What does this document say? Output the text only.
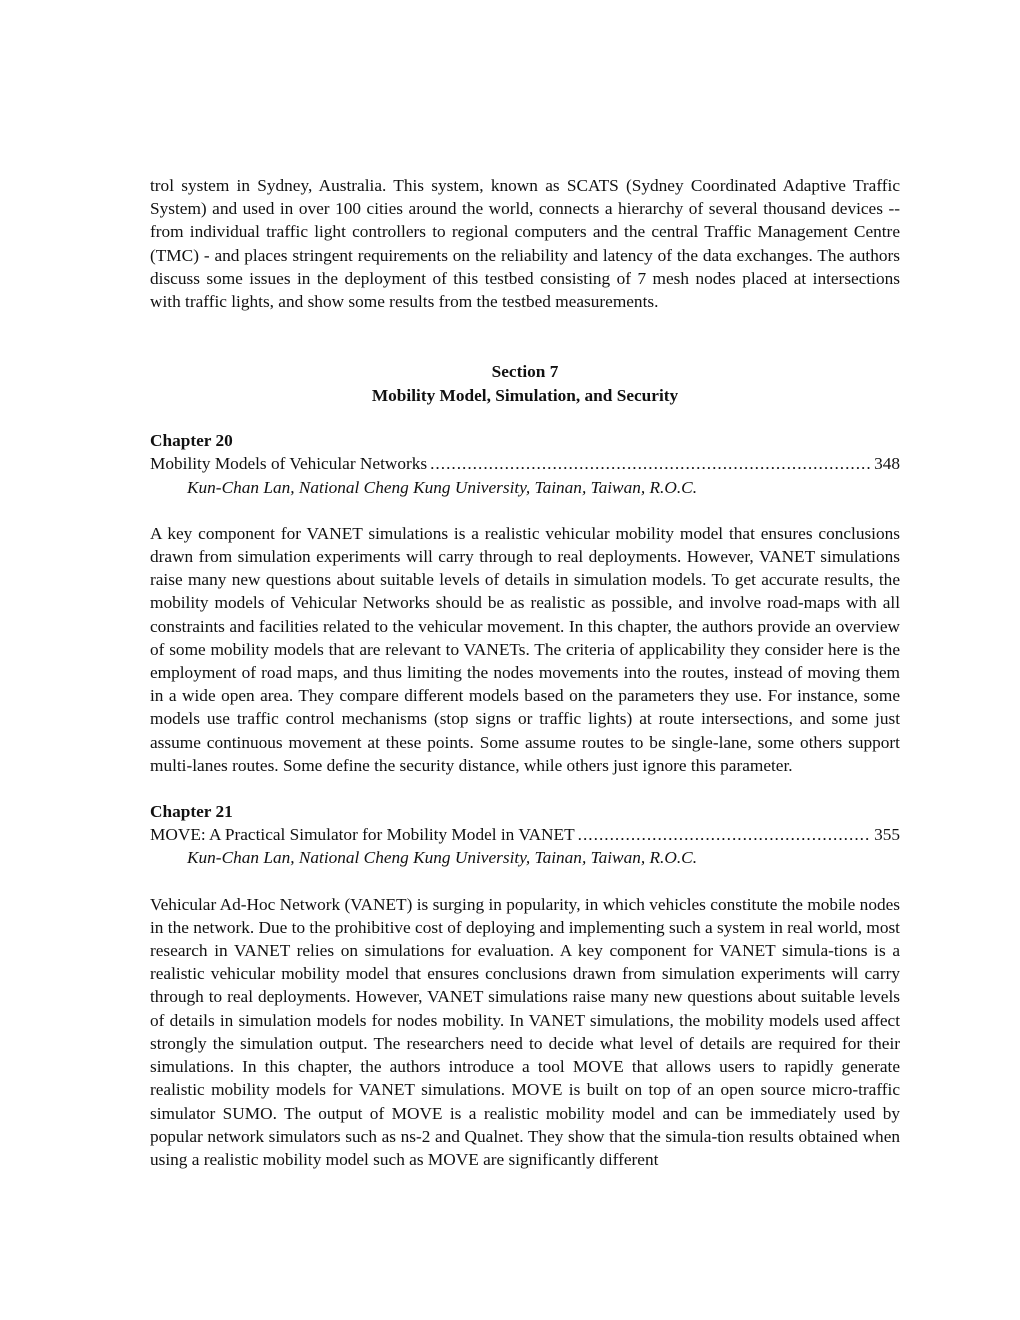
trol system in Sydney, Australia. This system, known as SCATS (Sydney Coordinated Adaptive Traffic System) and used in over 100 cities around the world, connects a hierarchy of several thousand devices -- from individual traffic light controllers to regional computers and the central Traffic Management Centre (TMC) - and places stringent requirements on the reliability and latency of the data exchanges. The authors discuss some issues in the deployment of this testbed consisting of 7 mesh nodes placed at intersections with traffic lights, and show some results from the testbed measurements.

Section 7
Mobility Model, Simulation, and Security
Chapter 20
Mobility Models of Vehicular Networks .....	348
Kun-Chan Lan, National Cheng Kung University, Tainan, Taiwan, R.O.C.

A key component for VANET simulations is a realistic vehicular mobility model that ensures conclusions drawn from simulation experiments will carry through to real deployments. However, VANET simulations raise many new questions about suitable levels of details in simulation models. To get accurate results, the mobility models of Vehicular Networks should be as realistic as possible, and involve road-maps with all constraints and facilities related to the vehicular movement. In this chapter, the authors provide an overview of some mobility models that are relevant to VANETs. The criteria of applicability they consider here is the employment of road maps, and thus limiting the nodes movements into the routes, instead of moving them in a wide open area. They compare different models based on the parameters they use. For instance, some models use traffic control mechanisms (stop signs or traffic lights) at route intersections, and some just assume continuous movement at these points. Some assume routes to be single-lane, some others support multi-lanes routes. Some define the security distance, while others just ignore this parameter.

Chapter 21
MOVE: A Practical Simulator for Mobility Model in VANET .....	355
Kun-Chan Lan, National Cheng Kung University, Tainan, Taiwan, R.O.C.

Vehicular Ad-Hoc Network (VANET) is surging in popularity, in which vehicles constitute the mobile nodes in the network. Due to the prohibitive cost of deploying and implementing such a system in real world, most research in VANET relies on simulations for evaluation. A key component for VANET simula-tions is a realistic vehicular mobility model that ensures conclusions drawn from simulation experiments will carry through to real deployments. However, VANET simulations raise many new questions about suitable levels of details in simulation models for nodes mobility. In VANET simulations, the mobility models used affect strongly the simulation output. The researchers need to decide what level of details are required for their simulations. In this chapter, the authors introduce a tool MOVE that allows users to rapidly generate realistic mobility models for VANET simulations. MOVE is built on top of an open source micro-traffic simulator SUMO. The output of MOVE is a realistic mobility model and can be immediately used by popular network simulators such as ns-2 and Qualnet. They show that the simula-tion results obtained when using a realistic mobility model such as MOVE are significantly different
